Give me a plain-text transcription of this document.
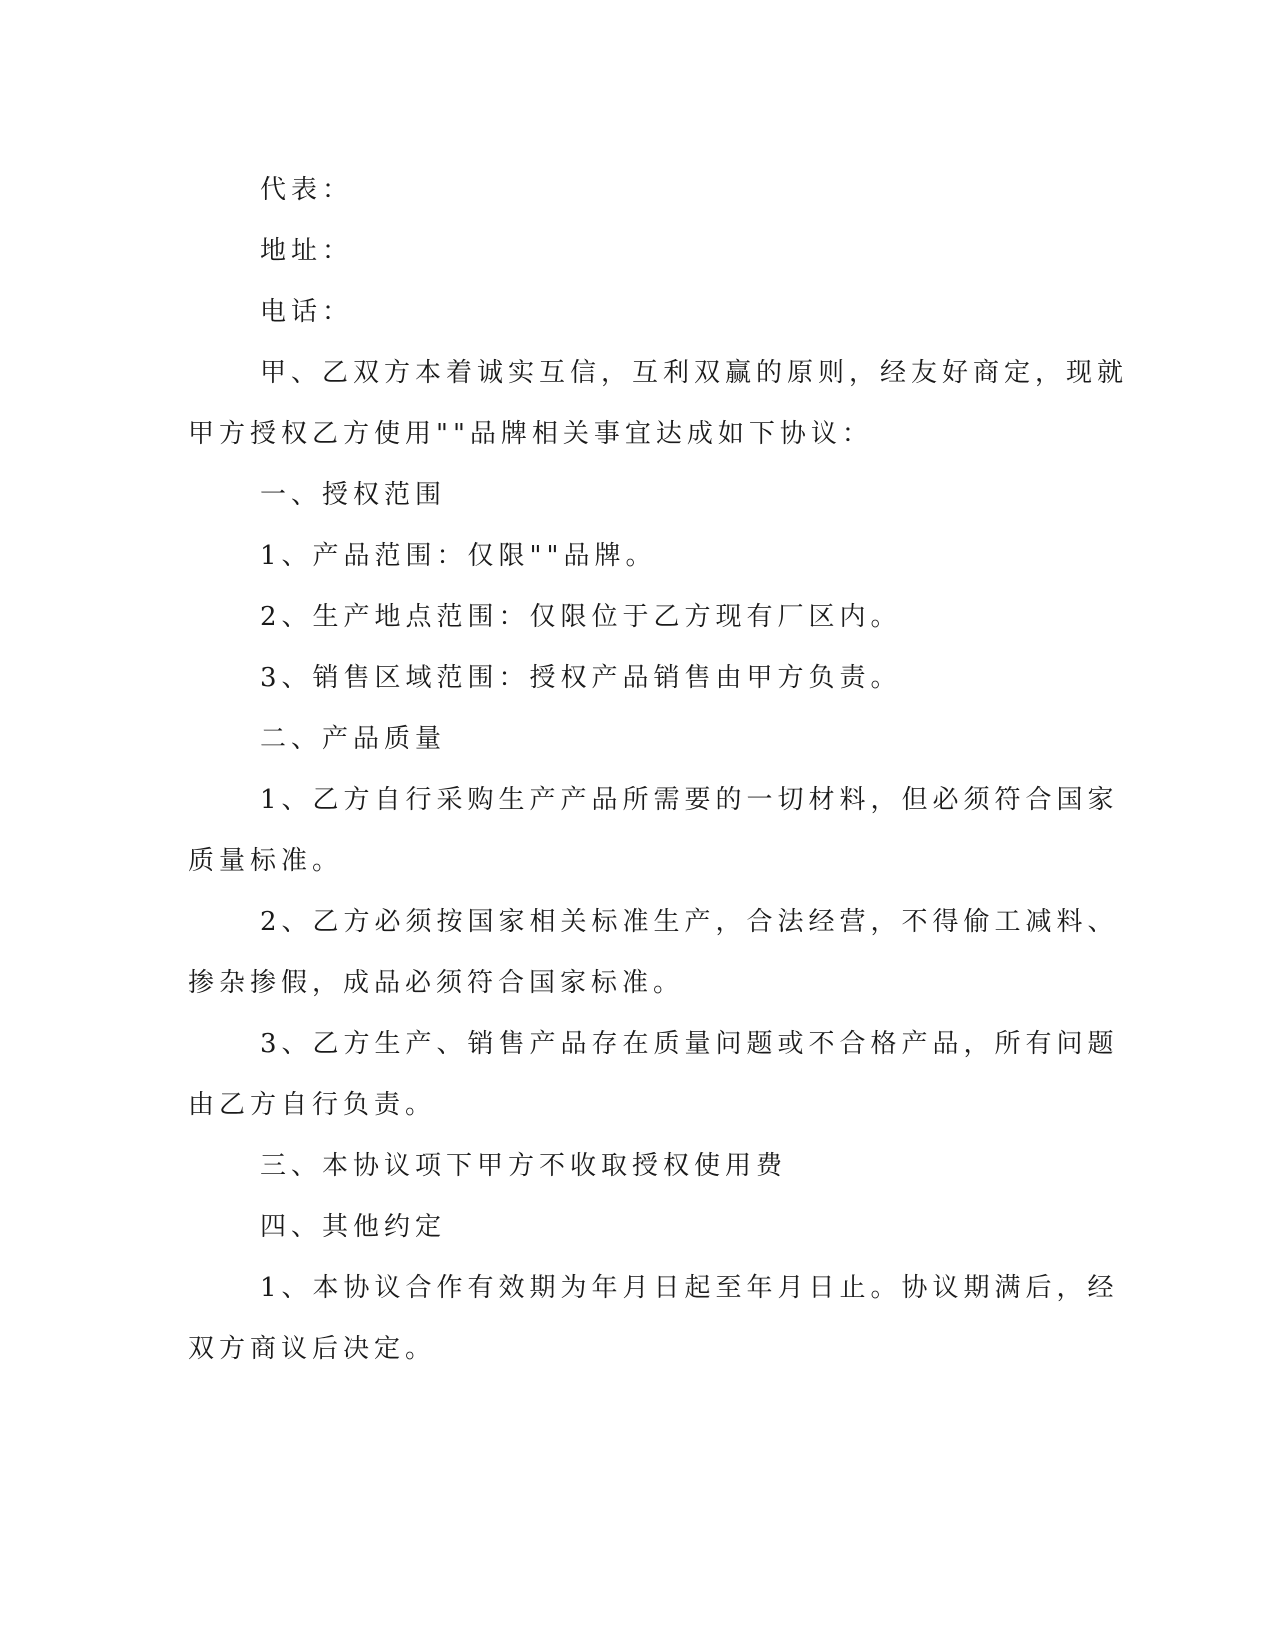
代表：
地址：
电话：
甲、乙双方本着诚实互信，互利双赢的原则，经友好商定，现就
甲方授权乙方使用""品牌相关事宜达成如下协议：
一、授权范围
1、产品范围：仅限""品牌。
2、生产地点范围：仅限位于乙方现有厂区内。
3、销售区域范围：授权产品销售由甲方负责。
二、产品质量
1、乙方自行采购生产产品所需要的一切材料，但必须符合国家
质量标准。
2、乙方必须按国家相关标准生产，合法经营，不得偷工减料、
掺杂掺假，成品必须符合国家标准。
3、乙方生产、销售产品存在质量问题或不合格产品，所有问题
由乙方自行负责。
三、本协议项下甲方不收取授权使用费
四、其他约定
1、本协议合作有效期为年月日起至年月日止。协议期满后，经
双方商议后决定。
